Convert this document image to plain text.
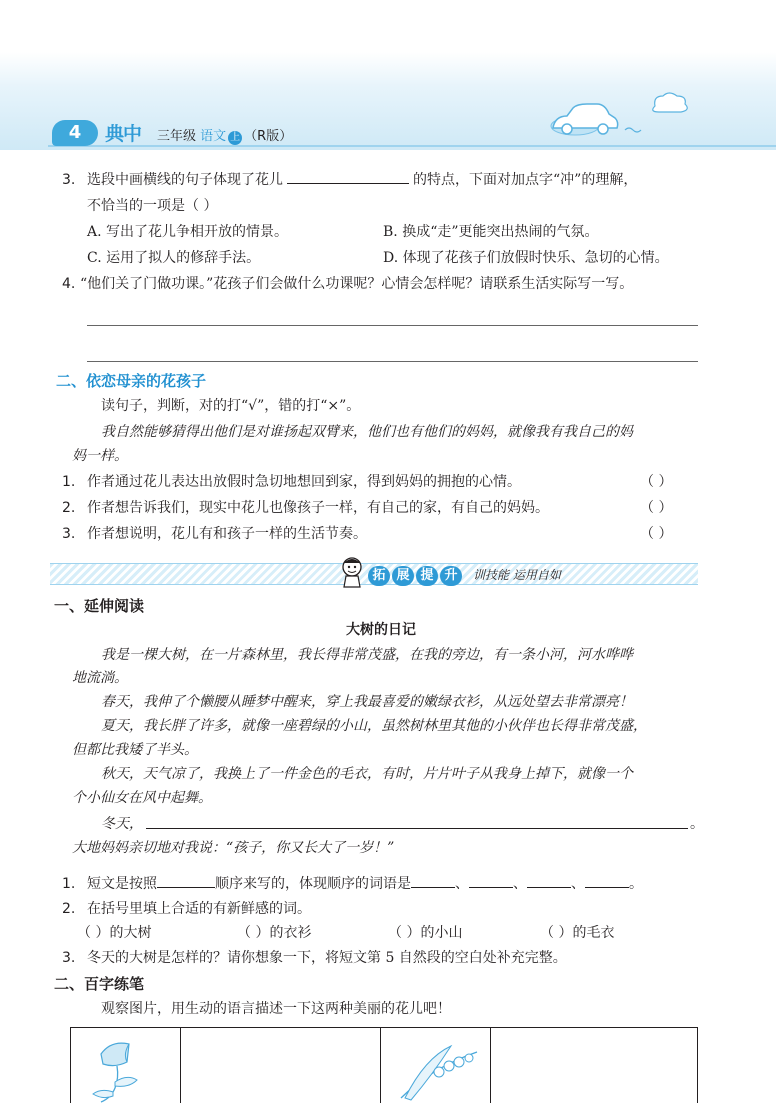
4	典中 三年级 语文 上 （R版）
3. 选段中画横线的句子体现了花儿	的特点，下面对加点字“冲”的理解，
不恰当的一项是（ ）
A. 写出了花儿争相开放的情景。	B. 换成“走”更能突出热闹的气氛。
C. 运用了拟人的修辞手法。	D. 体现了花孩子们放假时快乐、急切的心情。
4. “他们关了门做功课。”花孩子们会做什么功课呢？心情会怎样呢？请联系生活实际写一写。
二、依恋母亲的花孩子
读句子，判断，对的打“√”，错的打“×”。
我自然能够猜得出他们是对谁扬起双臂来，他们也有他们的妈妈，就像我有我自己的妈
妈一样。
1. 作者通过花儿表达出放假时急切地想回到家，得到妈妈的拥抱的心情。	（ ）
2. 作者想告诉我们，现实中花儿也像孩子一样，有自己的家，有自己的妈妈。	（ ）
3. 作者想说明，花儿有和孩子一样的生活节奏。	（ ）
拓 展 提 升	训技能 运用自如
一、延伸阅读
大树的日记
我是一棵大树，在一片森林里，我长得非常茂盛，在我的旁边，有一条小河，河水哗哗
地流淌。
春天，我伸了个懒腰从睡梦中醒来，穿上我最喜爱的嫩绿衣衫，从远处望去非常漂亮！
夏天，我长胖了许多，就像一座碧绿的小山，虽然树林里其他的小伙伴也长得非常茂盛，
但都比我矮了半头。
秋天，天气凉了，我换上了一件金色的毛衣，有时，片片叶子从我身上掉下，就像一个
个小仙女在风中起舞。
冬天，	。
大地妈妈亲切地对我说：“孩子，你又长大了一岁！”
1. 短文是按照	顺序来写的，体现顺序的词语是	、	、	、	。
2. 在括号里填上合适的有新鲜感的词。
（ ）的大树	（ ）的衣衫	（ ）的小山	（ ）的毛衣
3. 冬天的大树是怎样的？请你想象一下，将短文第 5 自然段的空白处补充完整。
二、百字练笔
观察图片，用生动的语言描述一下这两种美丽的花儿吧！
